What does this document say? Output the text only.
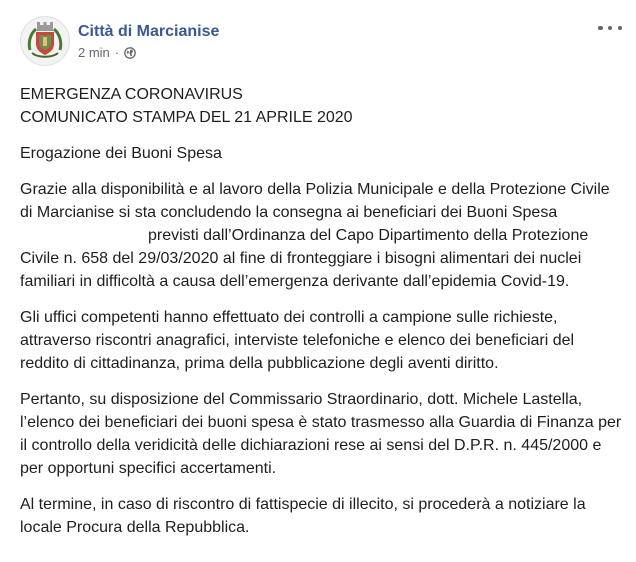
Città di Marcianise
2 min ·

EMERGENZA CORONAVIRUS
COMUNICATO STAMPA DEL 21 APRILE 2020

Erogazione dei Buoni Spesa

Grazie alla disponibilità e al lavoro della Polizia Municipale e della Protezione Civile di Marcianise si sta concludendo la consegna ai beneficiari dei Buoni Spesaprevisti dall’Ordinanza del Capo Dipartimento della Protezione Civile n. 658 del 29/03/2020 al fine di fronteggiare i bisogni alimentari dei nuclei familiari in difficoltà a causa dell’emergenza derivante dall’epidemia Covid-19.

Gli uffici competenti hanno effettuato dei controlli a campione sulle richieste, attraverso riscontri anagrafici, interviste telefoniche e elenco dei beneficiari del reddito di cittadinanza, prima della pubblicazione degli aventi diritto.

Pertanto, su disposizione del Commissario Straordinario, dott. Michele Lastella, l’elenco dei beneficiari dei buoni spesa è stato trasmesso alla Guardia di Finanza per il controllo della veridicità delle dichiarazioni rese ai sensi del D.P.R. n. 445/2000 e per opportuni specifici accertamenti.

Al termine, in caso di riscontro di fattispecie di illecito, si procederà a notiziare la locale Procura della Repubblica.
